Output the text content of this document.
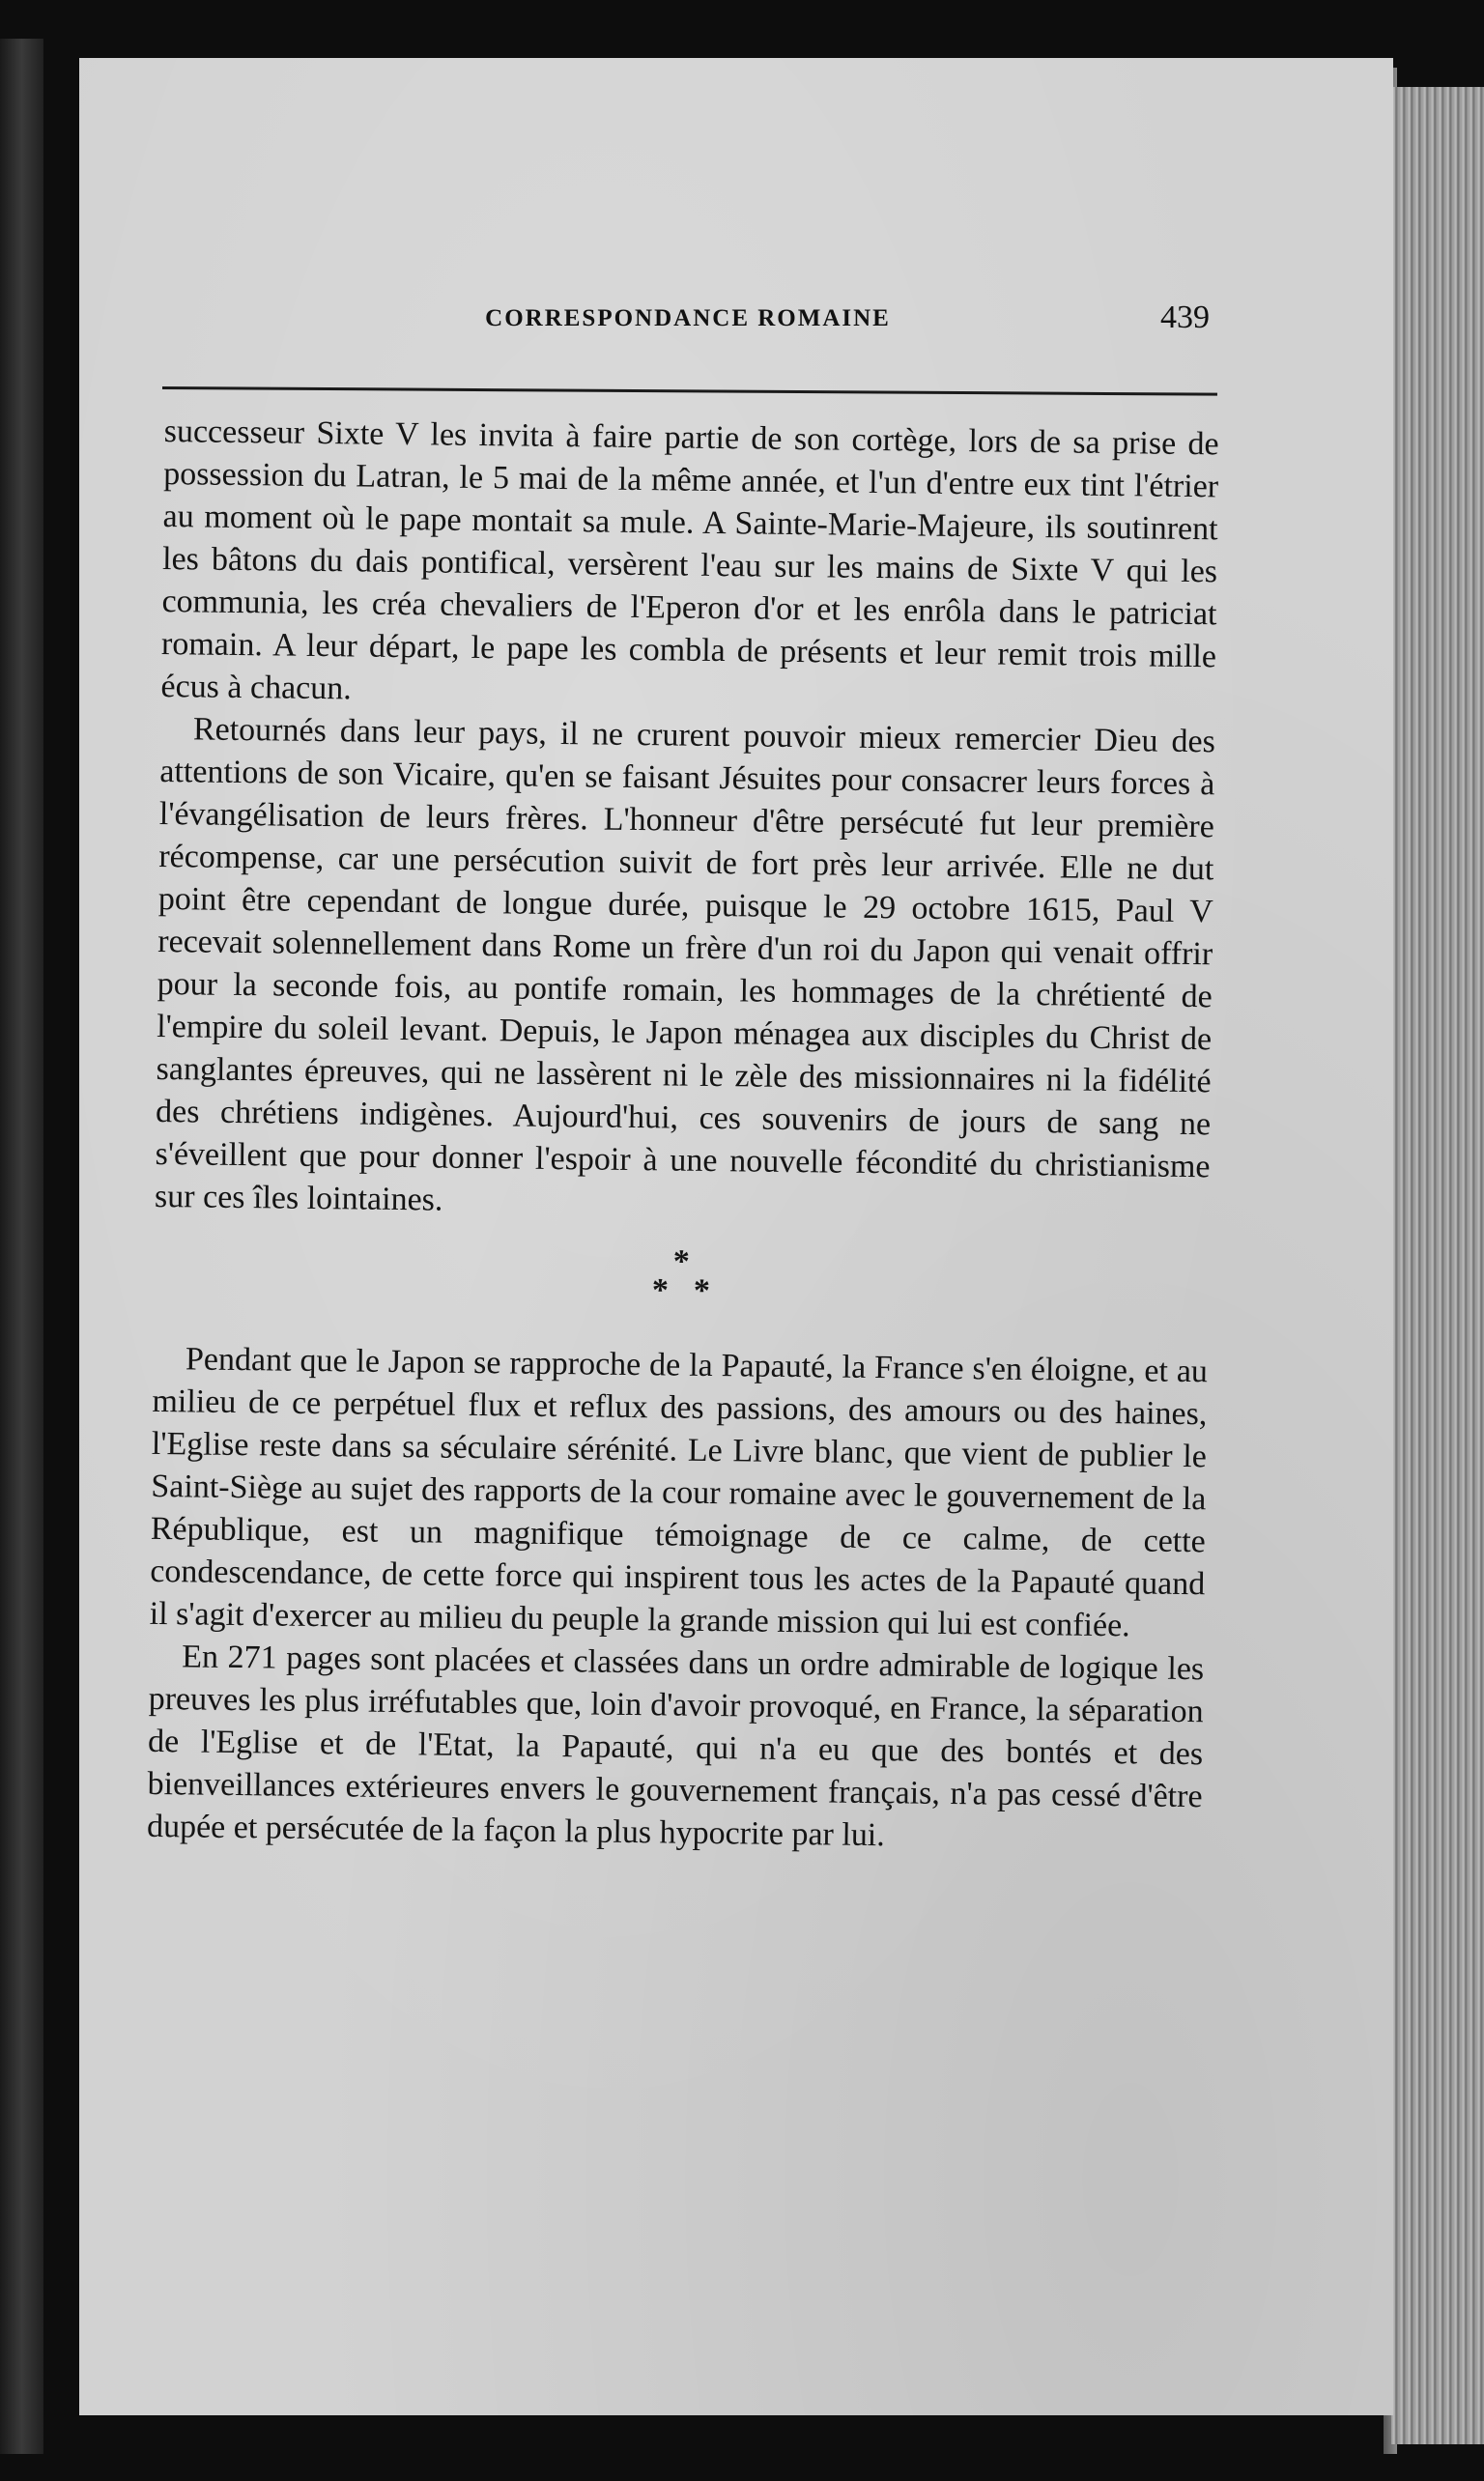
CORRESPONDANCE ROMAINE	439

successeur Sixte V les invita à faire partie de son cortège, lors de sa prise de possession du Latran, le 5 mai de la même année, et l'un d'entre eux tint l'étrier au moment où le pape montait sa mule. A Sainte-Marie-Majeure, ils soutinrent les bâtons du dais pontifical, versèrent l'eau sur les mains de Sixte V qui les communia, les créa chevaliers de l'Eperon d'or et les enrôla dans le patriciat romain. A leur départ, le pape les combla de présents et leur remit trois mille écus à chacun.

Retournés dans leur pays, il ne crurent pouvoir mieux remercier Dieu des attentions de son Vicaire, qu'en se faisant Jésuites pour consacrer leurs forces à l'évangélisation de leurs frères. L'honneur d'être persécuté fut leur première récompense, car une persécution suivit de fort près leur arrivée. Elle ne dut point être cependant de longue durée, puisque le 29 octobre 1615, Paul V recevait solennellement dans Rome un frère d'un roi du Japon qui venait offrir pour la seconde fois, au pontife romain, les hommages de la chrétienté de l'empire du soleil levant. Depuis, le Japon ménagea aux disciples du Christ de sanglantes épreuves, qui ne lassèrent ni le zèle des missionnaires ni la fidélité des chrétiens indigènes. Aujourd'hui, ces souvenirs de jours de sang ne s'éveillent que pour donner l'espoir à une nouvelle fécondité du christianisme sur ces îles lointaines.

*
**

Pendant que le Japon se rapproche de la Papauté, la France s'en éloigne, et au milieu de ce perpétuel flux et reflux des passions, des amours ou des haines, l'Eglise reste dans sa séculaire sérénité. Le Livre blanc, que vient de publier le Saint-Siège au sujet des rapports de la cour romaine avec le gouvernement de la République, est un magnifique témoignage de ce calme, de cette condescendance, de cette force qui inspirent tous les actes de la Papauté quand il s'agit d'exercer au milieu du peuple la grande mission qui lui est confiée.

En 271 pages sont placées et classées dans un ordre admirable de logique les preuves les plus irréfutables que, loin d'avoir provoqué, en France, la séparation de l'Eglise et de l'Etat, la Papauté, qui n'a eu que des bontés et des bienveillances extérieures envers le gouvernement français, n'a pas cessé d'être dupée et persécutée de la façon la plus hypocrite par lui.
